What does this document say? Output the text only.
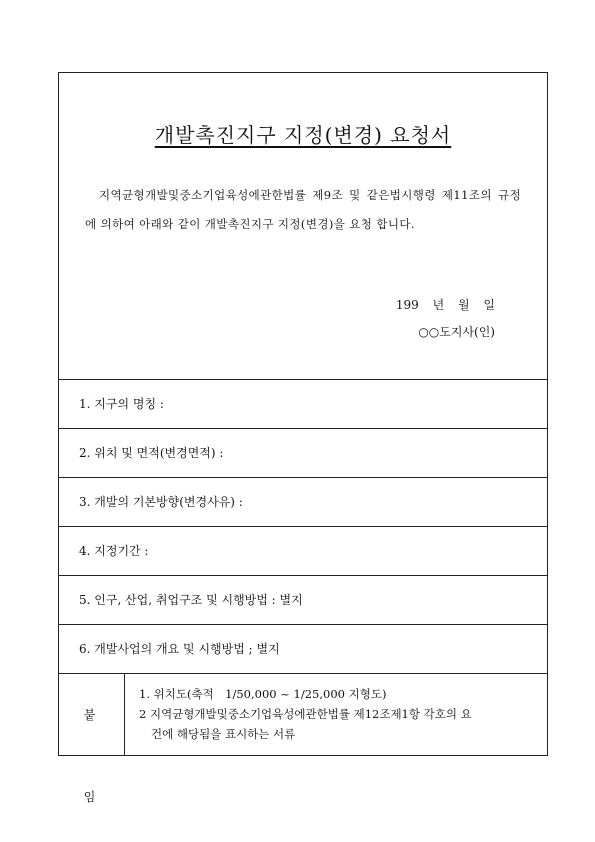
개발촉진지구 지정(변경) 요청서
지역균형개발및중소기업육성에관한법률 제9조 및 같은법시행령 제11조의 규정에 의하여 아래와 같이 개발촉진지구 지정(변경)을 요청 합니다.
199 년 월 일
○○도지사(인)
1. 지구의 명칭 :
2. 위치 및 면적(변경면적) :
3. 개발의 기본방향(변경사유) :
4. 지정기간 :
5. 인구, 산업, 취업구조 및 시행방법 : 별지
6. 개발사업의 개요 및 시행방법 ; 별지
붙임
1. 위치도(축적　1/50,000 ~ 1/25,000 지형도)
2 지역균형개발및중소기업육성에관한법률 제12조제1항 각호의 요
건에 해당됨을 표시하는 서류
